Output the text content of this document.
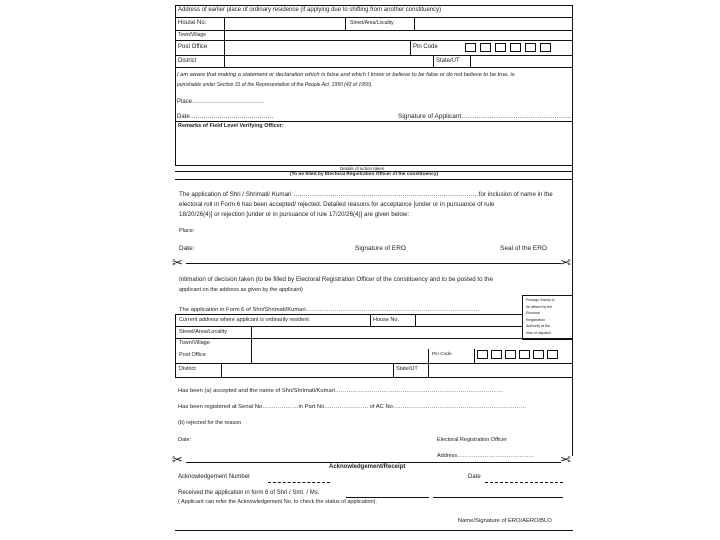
Address of earlier place of ordinary residence (if applying due to shifting from another constituency)
House No.	Street/Area/Locality
Town/Village
Post Office	Pin Code
District	State/UT
I am aware that making a statement or declaration which is false and which I know or believe to be false or do not believe to be true, is
punishable under Section 31 of the Representation of the People Act, 1950 (43 of 1950).
Place………………………………
Date……………………………………	Signature of Applicant……………………………………………
Remarks of Field Level Verifying Officer:
Details of action taken
(To be filled by Electoral Registration Officer of the constituency)
The application of Shri / Shrimati/ Kumari ………………………………………………………………………………for inclusion of name in the
electoral roll in Form 6 has been accepted/ rejected. Detailed reasons for acceptance [under or in pursuance of rule
18/20/26(4)] or rejection [under or in pursuance of rule 17/20/26(4)] are given below:
Place:
Date:	Signature of ERO	Seal of the ERO
✂	✂
Intimation of decision taken (to be filled by Electoral Registration Officer of the constituency and to be posted to the
applicant on the address as given by the applicant)
Postage Stamp to
be affixed by the
Electoral
Registration
Authority at the
time of dispatch
The application in Form 6 of Shri/Shrimati/Kumari………………………………………………………………………………
Current address where applicant is ordinarily resident	House No.
Street/Area/Locality
Town/Village
Post Office	Pin Code
District	State/UT
Has been (a) accepted and the name of Shri/Shrimati/Kumari……………………………………………………………………………
Has been registered at Serial No……………….in Part No.…………………. of AC No……………………………………………………………
(b) rejected for the reason
Date:	Electoral Registration Officer
Address……………………………………
✂	✂
Acknowledgement/Receipt
Acknowledgement Number	Date
Received the application in form 6 of Shri / Smt. / Ms.
( Applicant can refer the Acknowledgement No. to check the status of application).
Name/Signature of ERO/AERO/BLO
